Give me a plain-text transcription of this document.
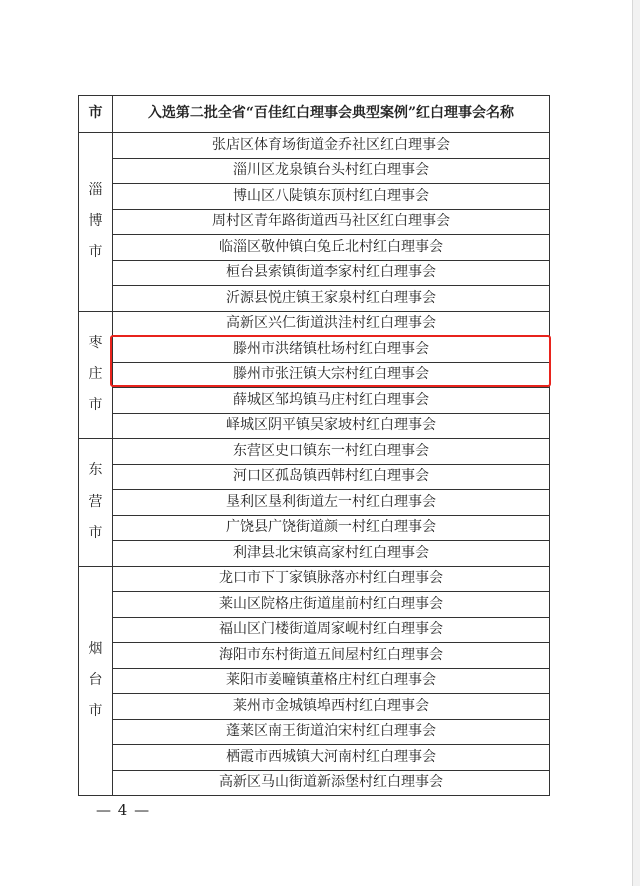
市	入选第二批全省“百佳红白理事会典型案例”红白理事会名称

淄
博
市	张店区体育场街道金乔社区红白理事会
	淄川区龙泉镇台头村红白理事会
	博山区八陡镇东顶村红白理事会
	周村区青年路街道西马社区红白理事会
	临淄区敬仲镇白兔丘北村红白理事会
	桓台县索镇街道李家村红白理事会
	沂源县悦庄镇王家泉村红白理事会

枣
庄
市	高新区兴仁街道洪洼村红白理事会
	滕州市洪绪镇杜场村红白理事会
	滕州市张汪镇大宗村红白理事会
	薛城区邹坞镇马庄村红白理事会
	峄城区阴平镇吴家坡村红白理事会

东
营
市	东营区史口镇东一村红白理事会
	河口区孤岛镇西韩村红白理事会
	垦利区垦利街道左一村红白理事会
	广饶县广饶街道颜一村红白理事会
	利津县北宋镇高家村红白理事会

烟
台
市	龙口市下丁家镇脉落亦村红白理事会
	莱山区院格庄街道崖前村红白理事会
	福山区门楼街道周家岘村红白理事会
	海阳市东村街道五间屋村红白理事会
	莱阳市姜疃镇董格庄村红白理事会
	莱州市金城镇埠西村红白理事会
	蓬莱区南王街道泊宋村红白理事会
	栖霞市西城镇大河南村红白理事会
	高新区马山街道新添堡村红白理事会
— 4 —
